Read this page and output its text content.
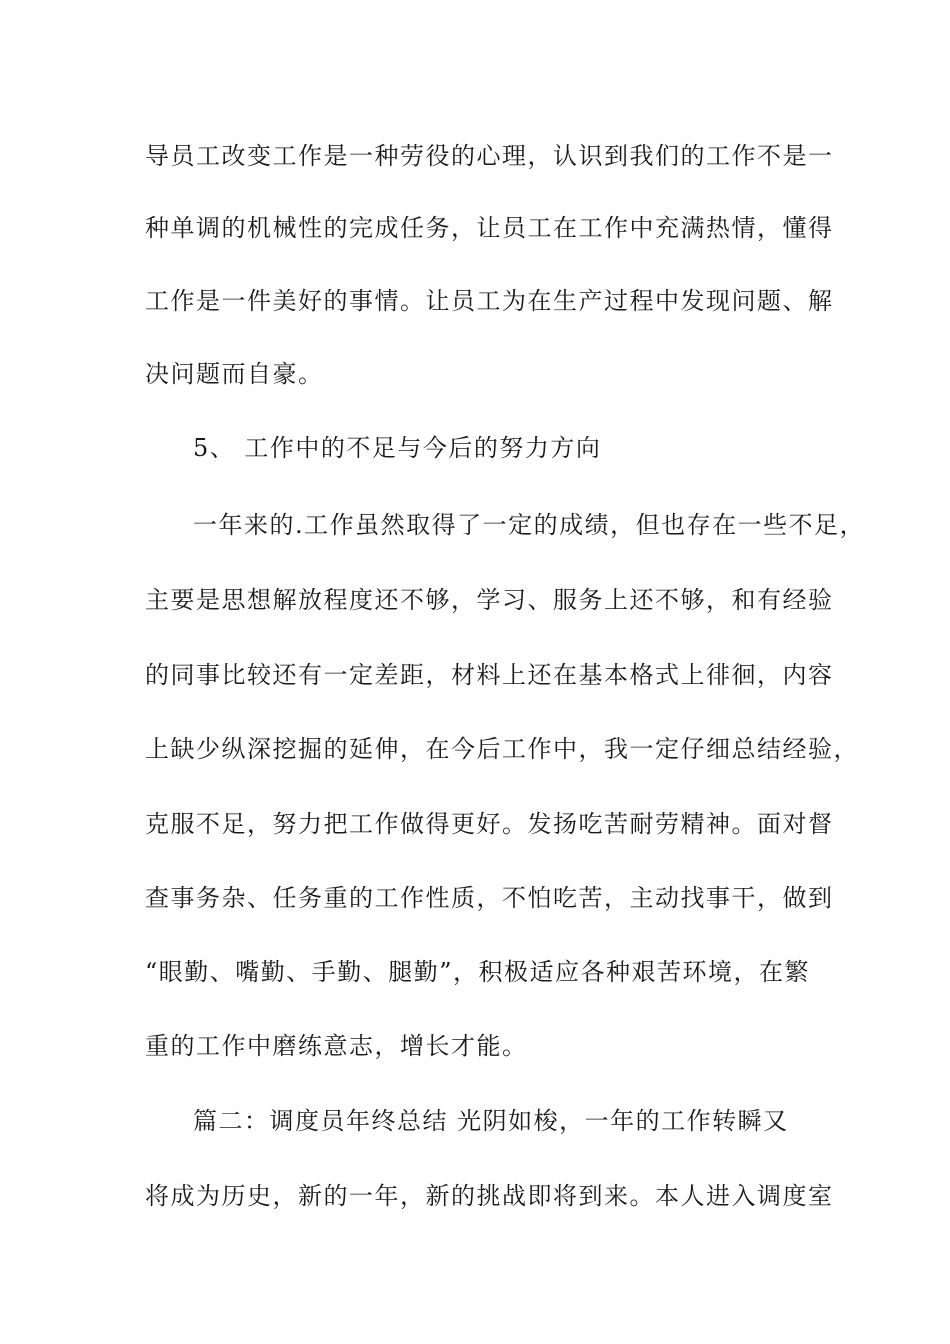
导员工改变工作是一种劳役的心理，认识到我们的工作不是一
种单调的机械性的完成任务，让员工在工作中充满热情，懂得
工作是一件美好的事情。让员工为在生产过程中发现问题、解
决问题而自豪。
5、 工作中的不足与今后的努力方向
一年来的.工作虽然取得了一定的成绩，但也存在一些不足，
主要是思想解放程度还不够，学习、服务上还不够，和有经验
的同事比较还有一定差距，材料上还在基本格式上徘徊，内容
上缺少纵深挖掘的延伸，在今后工作中，我一定仔细总结经验，
克服不足，努力把工作做得更好。发扬吃苦耐劳精神。面对督
查事务杂、任务重的工作性质，不怕吃苦，主动找事干，做到
“眼勤、嘴勤、手勤、腿勤”，积极适应各种艰苦环境，在繁
重的工作中磨练意志，增长才能。
篇二：调度员年终总结 光阴如梭，一年的工作转瞬又
将成为历史，新的一年，新的挑战即将到来。本人进入调度室
